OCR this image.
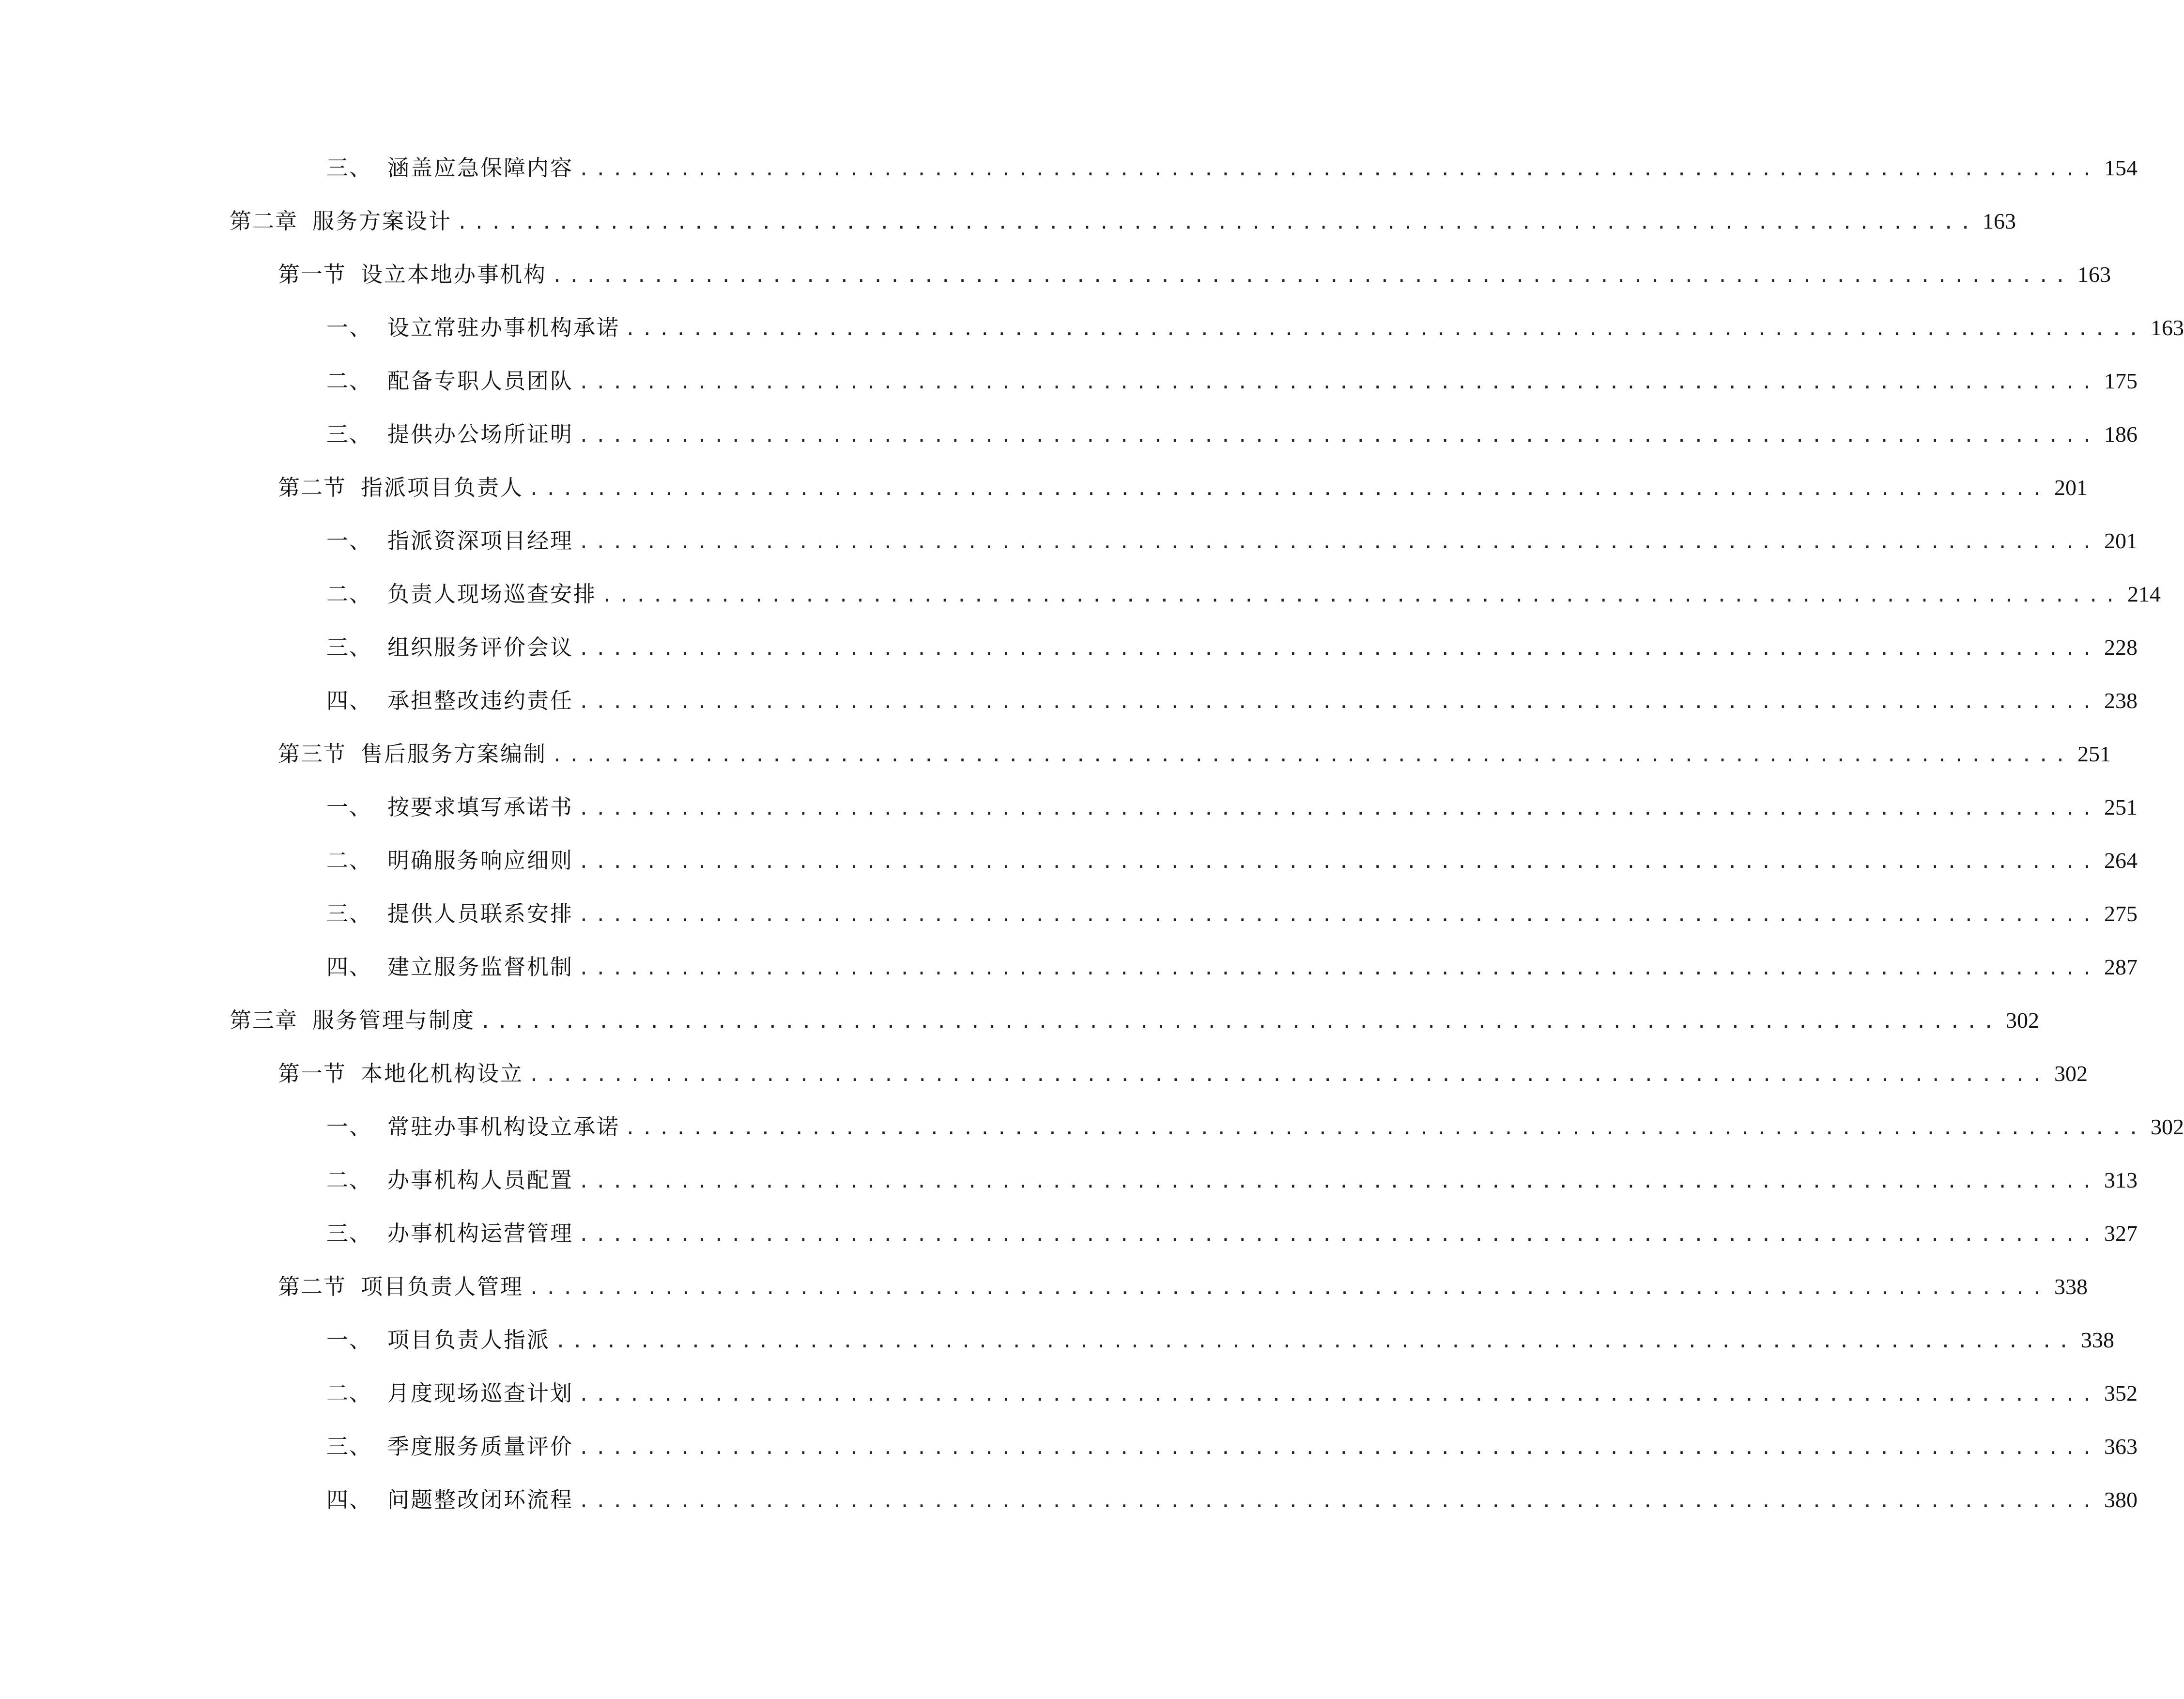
三、 涵盖应急保障内容 .......................................................................................... 154
第二章 服务方案设计 .......................................................................................... 163
第一节 设立本地办事机构 .......................................................................................... 163
一、 设立常驻办事机构承诺 .......................................................................................... 163
二、 配备专职人员团队 .......................................................................................... 175
三、 提供办公场所证明 .......................................................................................... 186
第二节 指派项目负责人 .......................................................................................... 201
一、 指派资深项目经理 .......................................................................................... 201
二、 负责人现场巡查安排 .......................................................................................... 214
三、 组织服务评价会议 .......................................................................................... 228
四、 承担整改违约责任 .......................................................................................... 238
第三节 售后服务方案编制 .......................................................................................... 251
一、 按要求填写承诺书 .......................................................................................... 251
二、 明确服务响应细则 .......................................................................................... 264
三、 提供人员联系安排 .......................................................................................... 275
四、 建立服务监督机制 .......................................................................................... 287
第三章 服务管理与制度 .......................................................................................... 302
第一节 本地化机构设立 .......................................................................................... 302
一、 常驻办事机构设立承诺 .......................................................................................... 302
二、 办事机构人员配置 .......................................................................................... 313
三、 办事机构运营管理 .......................................................................................... 327
第二节 项目负责人管理 .......................................................................................... 338
一、 项目负责人指派 .......................................................................................... 338
二、 月度现场巡查计划 .......................................................................................... 352
三、 季度服务质量评价 .......................................................................................... 363
四、 问题整改闭环流程 .......................................................................................... 380
